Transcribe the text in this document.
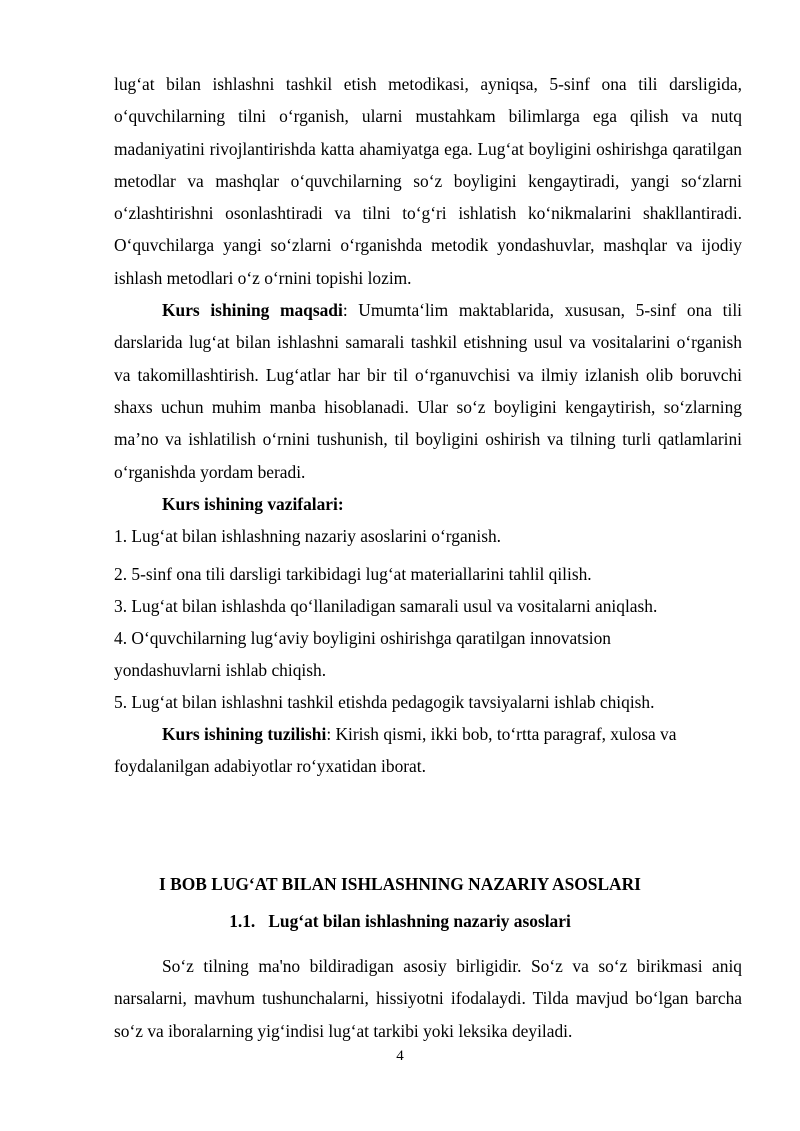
lug‘at bilan ishlashni tashkil etish metodikasi, ayniqsa, 5-sinf ona tili darsligida, o‘quvchilarning tilni o‘rganish, ularni mustahkam bilimlarga ega qilish va nutq madaniyatini rivojlantirishda katta ahamiyatga ega. Lug‘at boyligini oshirishga qaratilgan metodlar va mashqlar o‘quvchilarning so‘z boyligini kengaytiradi, yangi so‘zlarni o‘zlashtirishni osonlashtiradi va tilni to‘g‘ri ishlatish ko‘nikmalarini shakllantiradi. O‘quvchilarga yangi so‘zlarni o‘rganishda metodik yondashuvlar, mashqlar va ijodiy ishlash metodlari o‘z o‘rnini topishi lozim.

Kurs ishining maqsadi: Umumta‘lim maktablarida, xususan, 5-sinf ona tili darslarida lug‘at bilan ishlashni samarali tashkil etishning usul va vositalarini o‘rganish va takomillashtirish. Lug‘atlar har bir til o‘rganuvchisi va ilmiy izlanish olib boruvchi shaxs uchun muhim manba hisoblanadi. Ular so‘z boyligini kengaytirish, so‘zlarning ma’no va ishlatilish o‘rnini tushunish, til boyligini oshirish va tilning turli qatlamlarini o‘rganishda yordam beradi.

Kurs ishining vazifalari:

1. Lug‘at bilan ishlashning nazariy asoslarini o‘rganish.

2. 5-sinf ona tili darsligi tarkibidagi lug‘at materiallarini tahlil qilish.

3. Lug‘at bilan ishlashda qo‘llaniladigan samarali usul va vositalarni aniqlash.

4. O‘quvchilarning lug‘aviy boyligini oshirishga qaratilgan innovatsion

yondashuvlarni ishlab chiqish.

5. Lug‘at bilan ishlashni tashkil etishda pedagogik tavsiyalarni ishlab chiqish.

Kurs ishining tuzilishi: Kirish qismi, ikki bob, to‘rtta paragraf, xulosa va

foydalanilgan adabiyotlar ro‘yxatidan iborat.

I BOB LUG‘AT BILAN ISHLASHNING NAZARIY ASOSLARI
1.1.   Lug‘at bilan ishlashning nazariy asoslari

So‘z tilning ma'no bildiradigan asosiy birligidir. So‘z va so‘z birikmasi aniq narsalarni, mavhum tushunchalarni, hissiyotni ifodalaydi. Tilda mavjud bo‘lgan barcha so‘z va iboralarning yig‘indisi lug‘at tarkibi yoki leksika deyiladi.

4
